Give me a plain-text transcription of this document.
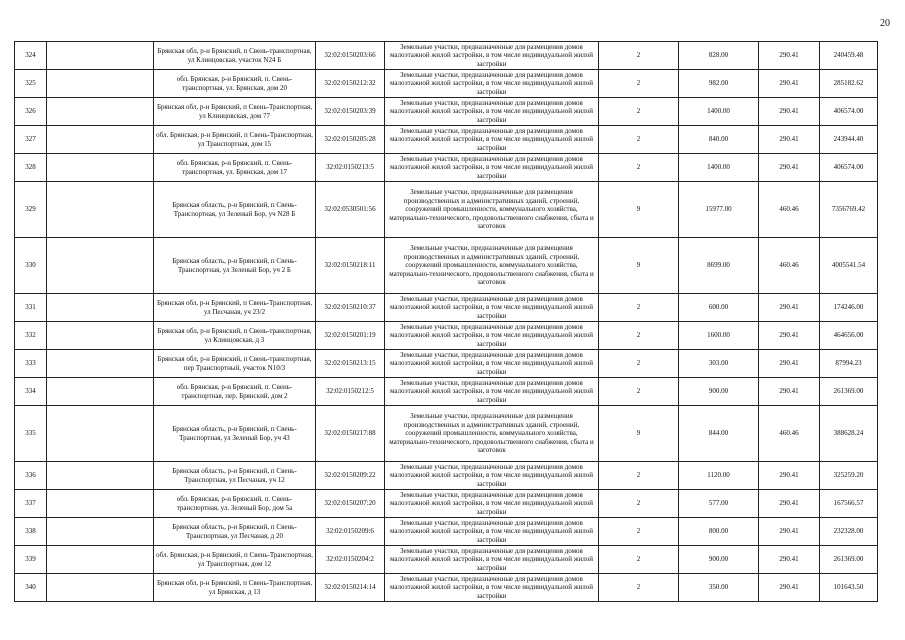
20
324		Брянская обл, р-н Брянский, п Свень-транспортная, ул Клинцовская, участок N24 Б	32:02:0150203:66	Земельные участки, предназначенные для размещения домов малоэтажной жилой застройки, в том числе индивидуальной жилой застройки	2	828.00	290.41	240459.48
325		обл. Брянская, р-н Брянский, п. Свень-транспортная, ул. Брянская, дом 20	32:02:0150212:32	Земельные участки, предназначенные для размещения домов малоэтажной жилой застройки, в том числе индивидуальной жилой застройки	2	982.00	290.41	285182.62
326		Брянская обл, р-н Брянский, п Свень-Транспортная, ул Клинцовская, дом 77	32:02:0150203:39	Земельные участки, предназначенные для размещения домов малоэтажной жилой застройки, в том числе индивидуальной жилой застройки	2	1400.00	290.41	406574.00
327		обл. Брянская, р-н Брянский, п Свень-Транспортная, ул Транспортная, дом 15	32:02:0150205:28	Земельные участки, предназначенные для размещения домов малоэтажной жилой застройки, в том числе индивидуальной жилой застройки	2	840.00	290.41	243944.40
328		обл. Брянская, р-н Брянский, п. Свень-транспортная, ул. Брянская, дом 17	32:02:0150213:5	Земельные участки, предназначенные для размещения домов малоэтажной жилой застройки, в том числе индивидуальной жилой застройки	2	1400.00	290.41	406574.00
329		Брянская область, р-н Брянский, п Свень-Транспортная, ул Зеленый Бор, уч N28 Б	32:02:0530501:56	Земельные участки, предназначенные для размещения производственных и административных зданий, строений, сооружений промышленности, коммунального хозяйства, материально-технического, продовольственного снабжения, сбыта и заготовок	9	15977.00	460.46	7356769.42
330		Брянская область, р-н Брянский, п Свень-Транспортная, ул Зеленый Бор, уч 2 Б	32:02:0150218:11	Земельные участки, предназначенные для размещения производственных и административных зданий, строений, сооружений промышленности, коммунального хозяйства, материально-технического, продовольственного снабжения, сбыта и заготовок	9	8699.00	460.46	4005541.54
331		Брянская обл, р-н Брянский, п Свень-Транспортная, ул Песчаная, уч 23/2	32:02:0150210:37	Земельные участки, предназначенные для размещения домов малоэтажной жилой застройки, в том числе индивидуальной жилой застройки	2	600.00	290.41	174246.00
332		Брянская обл, р-н Брянский, п Свень-транспортная, ул Клинцовская, д 3	32:02:0150201:19	Земельные участки, предназначенные для размещения домов малоэтажной жилой застройки, в том числе индивидуальной жилой застройки	2	1600.00	290.41	464656.00
333		Брянская обл, р-н Брянский, п Свень-транспортная, пер Транспортный, участок N10/3	32:02:0150213:15	Земельные участки, предназначенные для размещения домов малоэтажной жилой застройки, в том числе индивидуальной жилой застройки	2	303.00	290.41	87994.23
334		обл. Брянская, р-н Брянский, п. Свень-транспортная, пер. Брянский, дом 2	32:02:0150212:5	Земельные участки, предназначенные для размещения домов малоэтажной жилой застройки, в том числе индивидуальной жилой застройки	2	900.00	290.41	261369.00
335		Брянская область, р-н Брянский, п Свень-Транспортная, ул Зеленый Бор, уч 43	32:02:0150217:88	Земельные участки, предназначенные для размещения производственных и административных зданий, строений, сооружений промышленности, коммунального хозяйства, материально-технического, продовольственного снабжения, сбыта и заготовок	9	844.00	460.46	388628.24
336		Брянская область, р-н Брянский, п Свень-Транспортная, ул Песчаная, уч 12	32:02:0150209:22	Земельные участки, предназначенные для размещения домов малоэтажной жилой застройки, в том числе индивидуальной жилой застройки	2	1120.00	290.41	325259.20
337		обл. Брянская, р-н Брянский, п. Свень-транспортная, ул. Зеленый Бор, дом 5а	32:02:0150207:20	Земельные участки, предназначенные для размещения домов малоэтажной жилой застройки, в том числе индивидуальной жилой застройки	2	577.00	290.41	167566.57
338		Брянская область, р-н Брянский, п Свень-Транспортная, ул Песчаная, д 20	32:02:0150209:6	Земельные участки, предназначенные для размещения домов малоэтажной жилой застройки, в том числе индивидуальной жилой застройки	2	800.00	290.41	232328.00
339		обл. Брянская, р-н Брянский, п Свень-Транспортная, ул Транспортная, дом 12	32:02:0150204:2	Земельные участки, предназначенные для размещения домов малоэтажной жилой застройки, в том числе индивидуальной жилой застройки	2	900.00	290.41	261369.00
340		Брянская обл, р-н Брянский, п Свень-Транспортная, ул Брянская, д 13	32:02:0150214:14	Земельные участки, предназначенные для размещения домов малоэтажной жилой застройки, в том числе индивидуальной жилой застройки	2	350.00	290.41	101643.50
